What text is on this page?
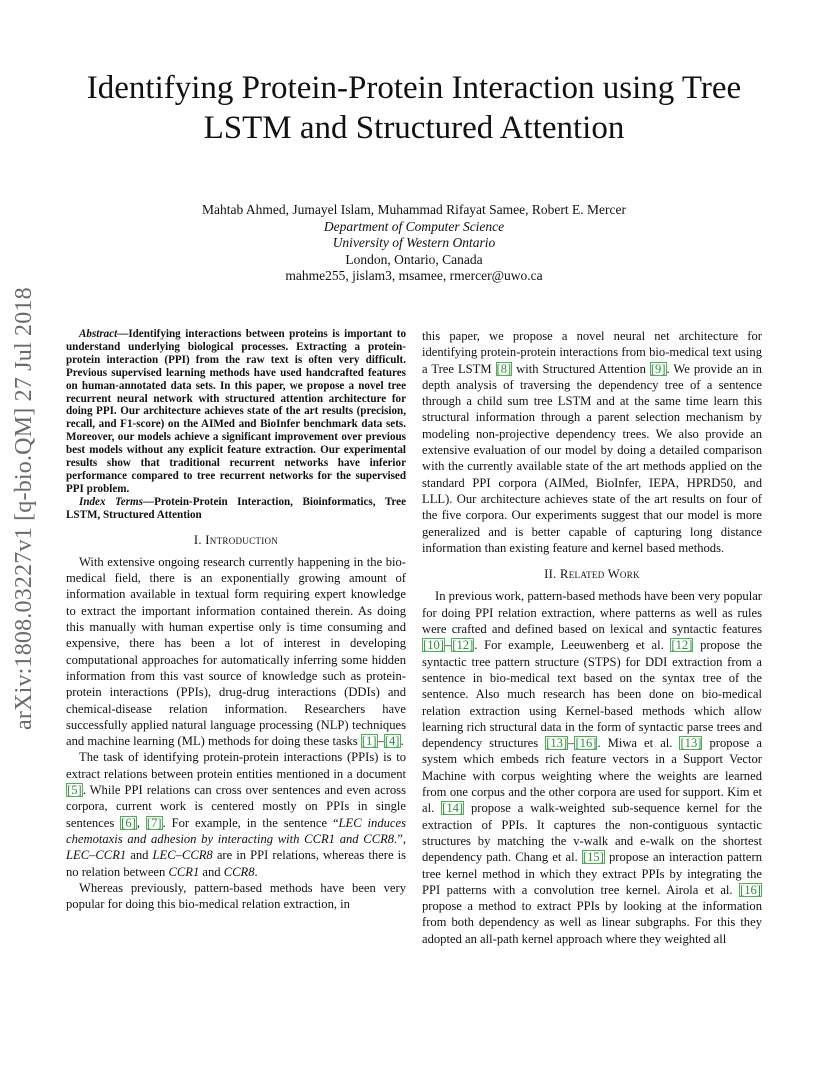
arXiv:1808.03227v1 [q-bio.QM] 27 Jul 2018
Identifying Protein-Protein Interaction using Tree
LSTM and Structured Attention
Mahtab Ahmed, Jumayel Islam, Muhammad Rifayat Samee, Robert E. Mercer
Department of Computer Science
University of Western Ontario
London, Ontario, Canada
mahme255, jislam3, msamee, rmercer@uwo.ca

Abstract—Identifying interactions between proteins is important to understand underlying biological processes. Extracting a protein-protein interaction (PPI) from the raw text is often very difficult. Previous supervised learning methods have used handcrafted features on human-annotated data sets. In this paper, we propose a novel tree recurrent neural network with structured attention architecture for doing PPI. Our architecture achieves state of the art results (precision, recall, and F1-score) on the AIMed and BioInfer benchmark data sets. Moreover, our models achieve a significant improvement over previous best models without any explicit feature extraction. Our experimental results show that traditional recurrent networks have inferior performance compared to tree recurrent networks for the supervised PPI problem.

Index Terms—Protein-Protein Interaction, Bioinformatics, Tree LSTM, Structured Attention

I. Introduction

With extensive ongoing research currently happening in the bio-medical field, there is an exponentially growing amount of information available in textual form requiring expert knowledge to extract the important information contained therein. As doing this manually with human expertise only is time consuming and expensive, there has been a lot of interest in developing computational approaches for automatically inferring some hidden information from this vast source of knowledge such as protein-protein interactions (PPIs), drug-drug interactions (DDIs) and chemical-disease relation information. Researchers have successfully applied natural language processing (NLP) techniques and machine learning (ML) methods for doing these tasks [1]–[4].

The task of identifying protein-protein interactions (PPIs) is to extract relations between protein entities mentioned in a document [5]. While PPI relations can cross over sentences and even across corpora, current work is centered mostly on PPIs in single sentences [6], [7]. For example, in the sentence “LEC induces chemotaxis and adhesion by interacting with CCR1 and CCR8.”, LEC–CCR1 and LEC–CCR8 are in PPI relations, whereas there is no relation between CCR1 and CCR8.

Whereas previously, pattern-based methods have been very popular for doing this bio-medical relation extraction, in

this paper, we propose a novel neural net architecture for identifying protein-protein interactions from bio-medical text using a Tree LSTM [8] with Structured Attention [9]. We provide an in depth analysis of traversing the dependency tree of a sentence through a child sum tree LSTM and at the same time learn this structural information through a parent selection mechanism by modeling non-projective dependency trees. We also provide an extensive evaluation of our model by doing a detailed comparison with the currently available state of the art methods applied on the standard PPI corpora (AIMed, BioInfer, IEPA, HPRD50, and LLL). Our architecture achieves state of the art results on four of the five corpora. Our experiments suggest that our model is more generalized and is better capable of capturing long distance information than existing feature and kernel based methods.

II. Related Work

In previous work, pattern-based methods have been very popular for doing PPI relation extraction, where patterns as well as rules were crafted and defined based on lexical and syntactic features [10]–[12]. For example, Leeuwenberg et al. [12] propose the syntactic tree pattern structure (STPS) for DDI extraction from a sentence in bio-medical text based on the syntax tree of the sentence. Also much research has been done on bio-medical relation extraction using Kernel-based methods which allow learning rich structural data in the form of syntactic parse trees and dependency structures [13]–[16]. Miwa et al. [13] propose a system which embeds rich feature vectors in a Support Vector Machine with corpus weighting where the weights are learned from one corpus and the other corpora are used for support. Kim et al. [14] propose a walk-weighted sub-sequence kernel for the extraction of PPIs. It captures the non-contiguous syntactic structures by matching the v-walk and e-walk on the shortest dependency path. Chang et al. [15] propose an interaction pattern tree kernel method in which they extract PPIs by integrating the PPI patterns with a convolution tree kernel. Airola et al. [16] propose a method to extract PPIs by looking at the information from both dependency as well as linear subgraphs. For this they adopted an all-path kernel approach where they weighted all
